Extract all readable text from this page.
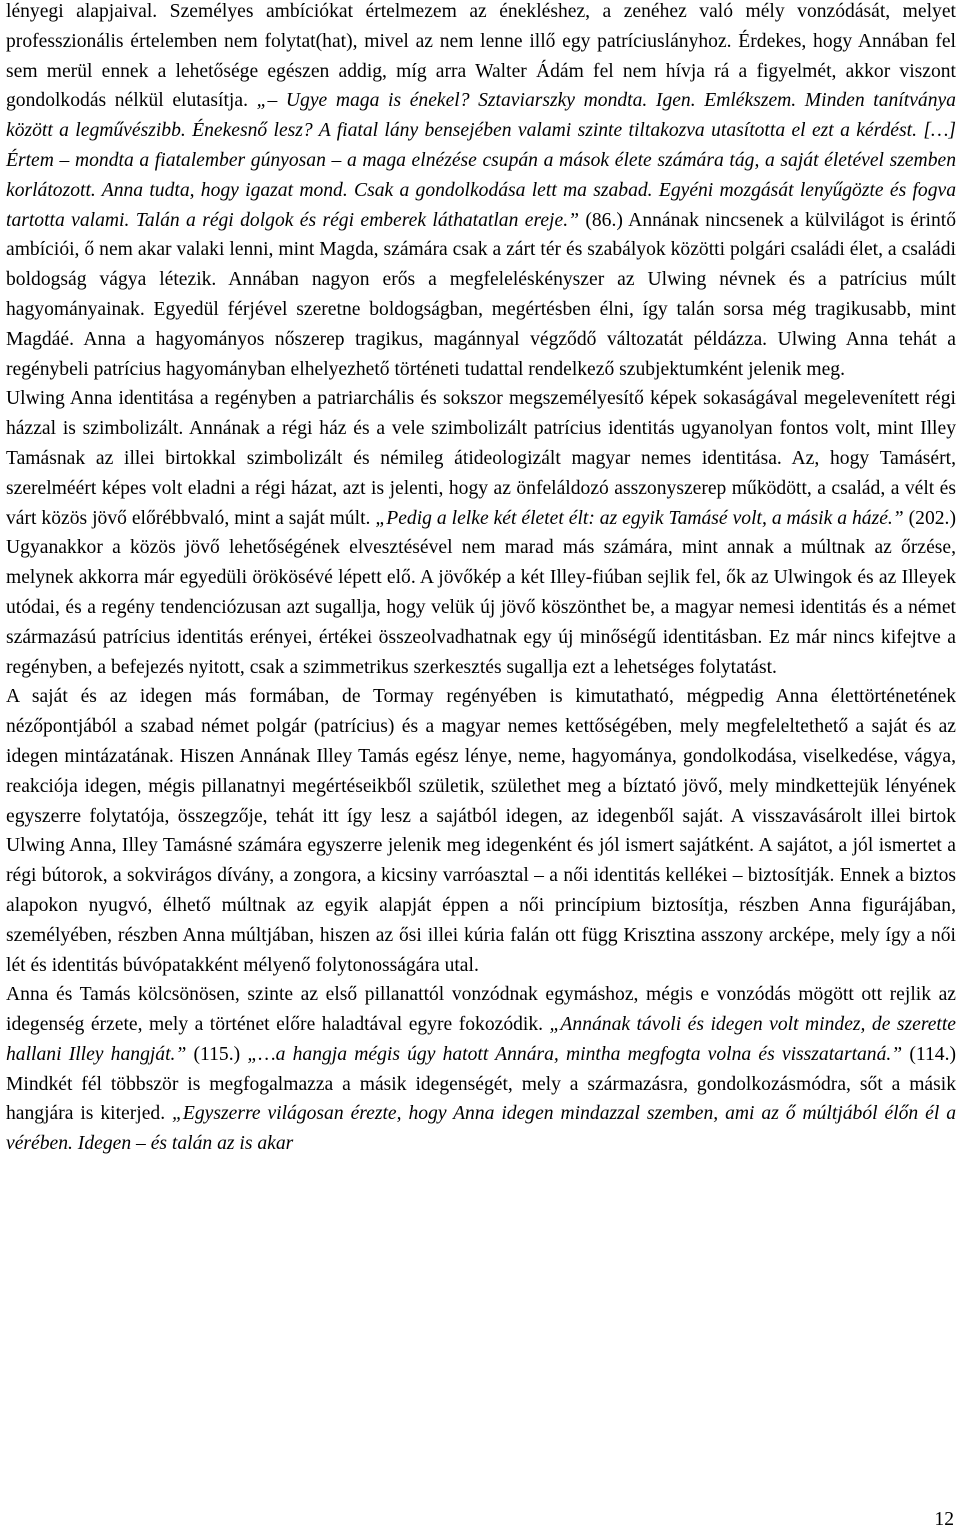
lényegi alapjaival. Személyes ambíciókat értelmezem az énekléshez, a zenéhez való mély vonzódását, melyet professzionális értelemben nem folytat(hat), mivel az nem lenne illő egy patríciuslányhoz. Érdekes, hogy Annában fel sem merül ennek a lehetősége egészen addig, míg arra Walter Ádám fel nem hívja rá a figyelmét, akkor viszont gondolkodás nélkül elutasítja. „– Ugye maga is énekel? Sztaviarszky mondta. Igen. Emlékszem. Minden tanítványa között a legművészibb. Énekesnő lesz? A fiatal lány bensejében valami szinte tiltakozva utasította el ezt a kérdést. […] Értem – mondta a fiatalember gúnyosan – a maga elnézése csupán a mások élete számára tág, a saját életével szemben korlátozott. Anna tudta, hogy igazat mond. Csak a gondolkodása lett ma szabad. Egyéni mozgását lenyűgözte és fogva tartotta valami. Talán a régi dolgok és régi emberek láthatatlan ereje.” (86.) Annának nincsenek a külvilágot is érintő ambíciói, ő nem akar valaki lenni, mint Magda, számára csak a zárt tér és szabályok közötti polgári családi élet, a családi boldogság vágya létezik. Annában nagyon erős a megfeleléskényszer az Ulwing névnek és a patrícius múlt hagyományainak. Egyedül férjével szeretne boldogságban, megértésben élni, így talán sorsa még tragikusabb, mint Magdáé. Anna a hagyományos nőszerep tragikus, magánnyal végződő változatát példázza. Ulwing Anna tehát a regénybeli patrícius hagyományban elhelyezhető történeti tudattal rendelkező szubjektumként jelenik meg.

Ulwing Anna identitása a regényben a patriarchális és sokszor megszemélyesítő képek sokaságával megelevenített régi házzal is szimbolizált. Annának a régi ház és a vele szimbolizált patrícius identitás ugyanolyan fontos volt, mint Illey Tamásnak az illei birtokkal szimbolizált és némileg átideologizált magyar nemes identitása. Az, hogy Tamásért, szerelméért képes volt eladni a régi házat, azt is jelenti, hogy az önfeláldozó asszonyszerep működött, a család, a vélt és várt közös jövő előrébbvaló, mint a saját múlt. „Pedig a lelke két életet élt: az egyik Tamásé volt, a másik a házé.” (202.) Ugyanakkor a közös jövő lehetőségének elvesztésével nem marad más számára, mint annak a múltnak az őrzése, melynek akkorra már egyedüli örökösévé lépett elő. A jövőkép a két Illey-fiúban sejlik fel, ők az Ulwingok és az Illeyek utódai, és a regény tendenciózusan azt sugallja, hogy velük új jövő köszönthet be, a magyar nemesi identitás és a német származású patrícius identitás erényei, értékei összeolvadhatnak egy új minőségű identitásban. Ez már nincs kifejtve a regényben, a befejezés nyitott, csak a szimmetrikus szerkesztés sugallja ezt a lehetséges folytatást.

A saját és az idegen más formában, de Tormay regényében is kimutatható, mégpedig Anna élettörténetének nézőpontjából a szabad német polgár (patrícius) és a magyar nemes kettőségében, mely megfeleltethető a saját és az idegen mintázatának. Hiszen Annának Illey Tamás egész lénye, neme, hagyománya, gondolkodása, viselkedése, vágya, reakciója idegen, mégis pillanatnyi megértéseikből születik, születhet meg a bíztató jövő, mely mindkettejük lényének egyszerre folytatója, összegzője, tehát itt így lesz a sajátból idegen, az idegenből saját. A visszavásárolt illei birtok Ulwing Anna, Illey Tamásné számára egyszerre jelenik meg idegenként és jól ismert sajátként. A sajátot, a jól ismertet a régi bútorok, a sokvirágos dívány, a zongora, a kicsiny varróasztal – a női identitás kellékei – biztosítják. Ennek a biztos alapokon nyugvó, élhető múltnak az egyik alapját éppen a női princípium biztosítja, részben Anna figurájában, személyében, részben Anna múltjában, hiszen az ősi illei kúria falán ott függ Krisztina asszony arcképe, mely így a női lét és identitás búvópatakként mélyenő folytonosságára utal.

Anna és Tamás kölcsönösen, szinte az első pillanattól vonzódnak egymáshoz, mégis e vonzódás mögött ott rejlik az idegenség érzete, mely a történet előre haladtával egyre fokozódik. „Annának távoli és idegen volt mindez, de szerette hallani Illey hangját.” (115.) „…a hangja mégis úgy hatott Annára, mintha megfogta volna és visszatartaná.” (114.) Mindkét fél többször is megfogalmazza a másik idegenségét, mely a származásra, gondolkozásmódra, sőt a másik hangjára is kiterjed. „Egyszerre világosan érezte, hogy Anna idegen mindazzal szemben, ami az ő múltjából élőn él a vérében. Idegen – és talán az is akar

12
